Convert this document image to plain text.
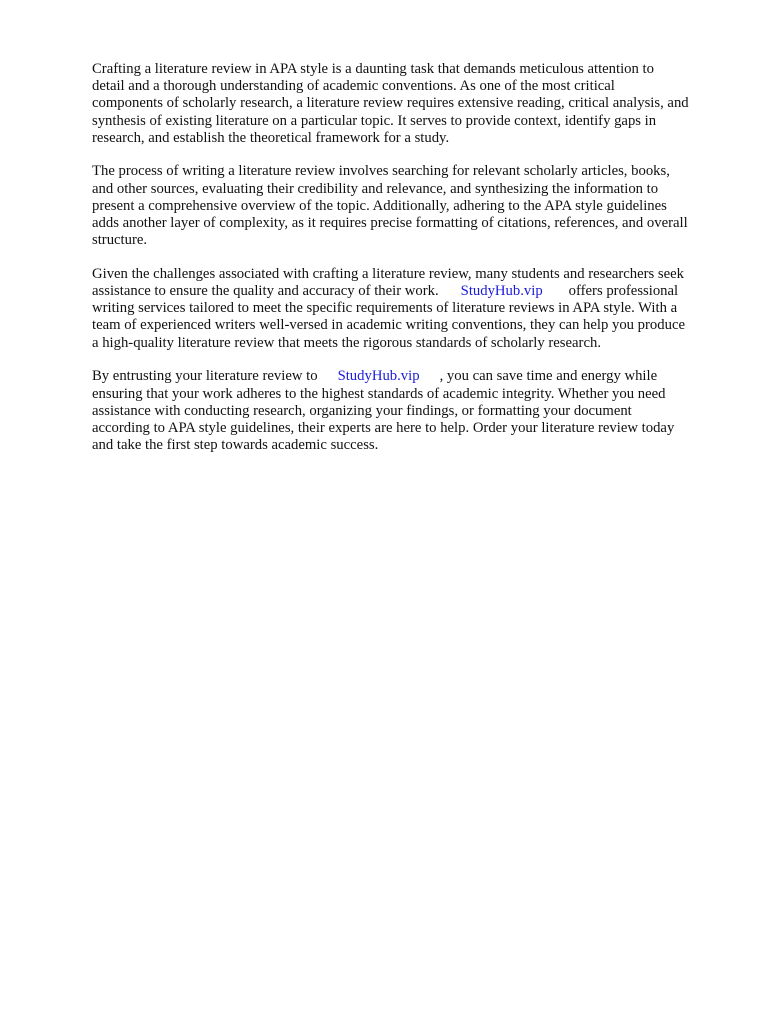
Crafting a literature review in APA style is a daunting task that demands meticulous attention to
detail and a thorough understanding of academic conventions. As one of the most critical
components of scholarly research, a literature review requires extensive reading, critical analysis, and
synthesis of existing literature on a particular topic. It serves to provide context, identify gaps in
research, and establish the theoretical framework for a study.

The process of writing a literature review involves searching for relevant scholarly articles, books,
and other sources, evaluating their credibility and relevance, and synthesizing the information to
present a comprehensive overview of the topic. Additionally, adhering to the APA style guidelines
adds another layer of complexity, as it requires precise formatting of citations, references, and overall
structure.

Given the challenges associated with crafting a literature review, many students and researchers seek
assistance to ensure the quality and accuracy of their work. StudyHub.vip offers professional
writing services tailored to meet the specific requirements of literature reviews in APA style. With a
team of experienced writers well-versed in academic writing conventions, they can help you produce
a high-quality literature review that meets the rigorous standards of scholarly research.

By entrusting your literature review to StudyHub.vip , you can save time and energy while
ensuring that your work adheres to the highest standards of academic integrity. Whether you need
assistance with conducting research, organizing your findings, or formatting your document
according to APA style guidelines, their experts are here to help. Order your literature review today
and take the first step towards academic success.
